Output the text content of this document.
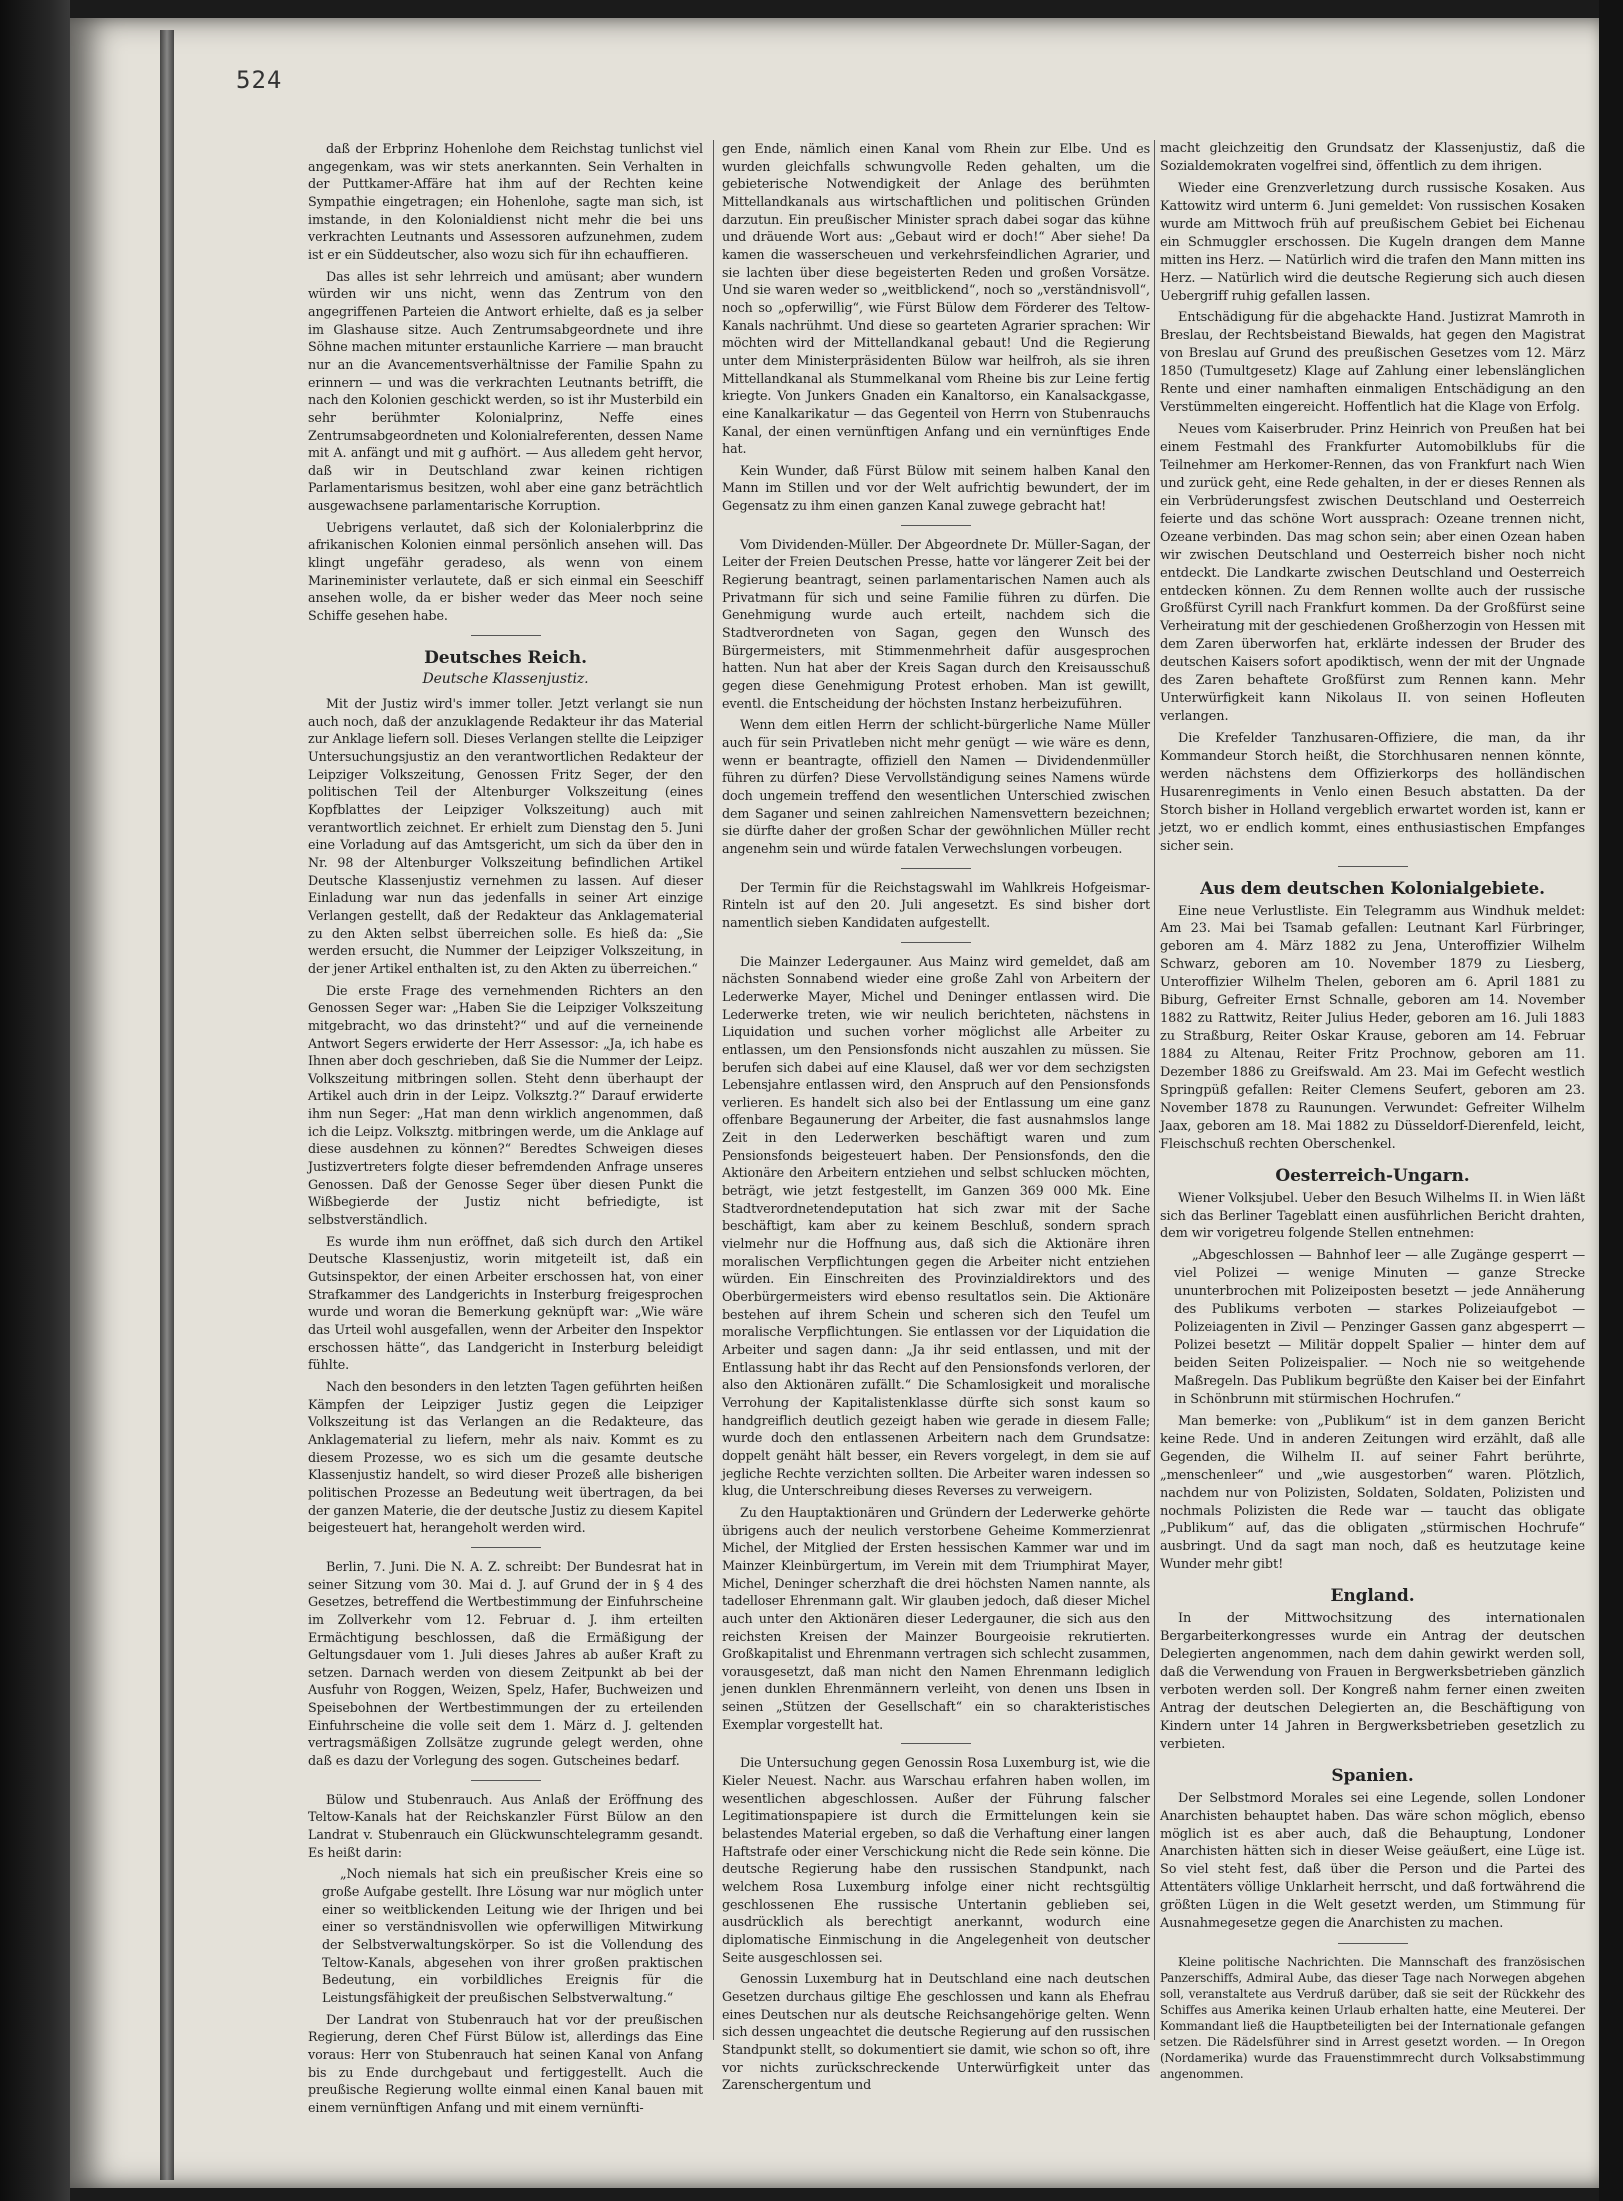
524

daß der Erbprinz Hohenlohe dem Reichstag tunlichst viel angegenkam, was wir stets anerkannten. Sein Verhalten in der Puttkamer-Affäre hat ihm auf der Rechten keine Sympathie eingetragen; ein Hohenlohe, sagte man sich, ist imstande, in den Kolonialdienst nicht mehr die bei uns verkrachten Leutnants und Assessoren aufzunehmen, zudem ist er ein Süddeutscher, also wozu sich für ihn echauffieren.

Das alles ist sehr lehrreich und amüsant; aber wundern würden wir uns nicht, wenn das Zentrum von den angegriffenen Parteien die Antwort erhielte, daß es ja selber im Glashause sitze. Auch Zentrumsabgeordnete und ihre Söhne machen mitunter erstaunliche Karriere — man braucht nur an die Avancementsverhältnisse der Familie Spahn zu erinnern — und was die verkrachten Leutnants betrifft, die nach den Kolonien geschickt werden, so ist ihr Musterbild ein sehr berühmter Kolonialprinz, Neffe eines Zentrumsabgeordneten und Kolonialreferenten, dessen Name mit A. anfängt und mit g aufhört. — Aus alledem geht hervor, daß wir in Deutschland zwar keinen richtigen Parlamentarismus besitzen, wohl aber eine ganz beträchtlich ausgewachsene parlamentarische Korruption.

Uebrigens verlautet, daß sich der Kolonialerbprinz die afrikanischen Kolonien einmal persönlich ansehen will. Das klingt ungefähr geradeso, als wenn von einem Marineminister verlautete, daß er sich einmal ein Seeschiff ansehen wolle, da er bisher weder das Meer noch seine Schiffe gesehen habe.

Deutsches Reich.
Deutsche Klassenjustiz.

Mit der Justiz wird's immer toller. Jetzt verlangt sie nun auch noch, daß der anzuklagende Redakteur ihr das Material zur Anklage liefern soll. Dieses Verlangen stellte die Leipziger Untersuchungsjustiz an den verantwortlichen Redakteur der Leipziger Volkszeitung, Genossen Fritz Seger, der den politischen Teil der Altenburger Volkszeitung (eines Kopfblattes der Leipziger Volkszeitung) auch mit verantwortlich zeichnet. Er erhielt zum Dienstag den 5. Juni eine Vorladung auf das Amtsgericht, um sich da über den in Nr. 98 der Altenburger Volkszeitung befindlichen Artikel Deutsche Klassenjustiz vernehmen zu lassen. Auf dieser Einladung war nun das jedenfalls in seiner Art einzige Verlangen gestellt, daß der Redakteur das Anklagematerial zu den Akten selbst überreichen solle. Es hieß da: „Sie werden ersucht, die Nummer der Leipziger Volkszeitung, in der jener Artikel enthalten ist, zu den Akten zu überreichen.“

Die erste Frage des vernehmenden Richters an den Genossen Seger war: „Haben Sie die Leipziger Volkszeitung mitgebracht, wo das drinsteht?“ und auf die verneinende Antwort Segers erwiderte der Herr Assessor: „Ja, ich habe es Ihnen aber doch geschrieben, daß Sie die Nummer der Leipz. Volkszeitung mitbringen sollen. Steht denn überhaupt der Artikel auch drin in der Leipz. Volksztg.?“ Darauf erwiderte ihm nun Seger: „Hat man denn wirklich angenommen, daß ich die Leipz. Volksztg. mitbringen werde, um die Anklage auf diese ausdehnen zu können?“ Beredtes Schweigen dieses Justizvertreters folgte dieser befremdenden Anfrage unseres Genossen. Daß der Genosse Seger über diesen Punkt die Wißbegierde der Justiz nicht befriedigte, ist selbstverständlich.

Es wurde ihm nun eröffnet, daß sich durch den Artikel Deutsche Klassenjustiz, worin mitgeteilt ist, daß ein Gutsinspektor, der einen Arbeiter erschossen hat, von einer Strafkammer des Landgerichts in Insterburg freigesprochen wurde und woran die Bemerkung geknüpft war: „Wie wäre das Urteil wohl ausgefallen, wenn der Arbeiter den Inspektor erschossen hätte“, das Landgericht in Insterburg beleidigt fühlte.

Nach den besonders in den letzten Tagen geführten heißen Kämpfen der Leipziger Justiz gegen die Leipziger Volkszeitung ist das Verlangen an die Redakteure, das Anklagematerial zu liefern, mehr als naiv. Kommt es zu diesem Prozesse, wo es sich um die gesamte deutsche Klassenjustiz handelt, so wird dieser Prozeß alle bisherigen politischen Prozesse an Bedeutung weit übertragen, da bei der ganzen Materie, die der deutsche Justiz zu diesem Kapitel beigesteuert hat, herangeholt werden wird.

Berlin, 7. Juni. Die N. A. Z. schreibt: Der Bundesrat hat in seiner Sitzung vom 30. Mai d. J. auf Grund der in § 4 des Gesetzes, betreffend die Wertbestimmung der Einfuhrscheine im Zollverkehr vom 12. Februar d. J. ihm erteilten Ermächtigung beschlossen, daß die Ermäßigung der Geltungsdauer vom 1. Juli dieses Jahres ab außer Kraft zu setzen. Darnach werden von diesem Zeitpunkt ab bei der Ausfuhr von Roggen, Weizen, Spelz, Hafer, Buchweizen und Speisebohnen der Wertbestimmungen der zu erteilenden Einfuhrscheine die volle seit dem 1. März d. J. geltenden vertragsmäßigen Zollsätze zugrunde gelegt werden, ohne daß es dazu der Vorlegung des sogen. Gutscheines bedarf.

Bülow und Stubenrauch. Aus Anlaß der Eröffnung des Teltow-Kanals hat der Reichskanzler Fürst Bülow an den Landrat v. Stubenrauch ein Glückwunschtelegramm gesandt. Es heißt darin:

„Noch niemals hat sich ein preußischer Kreis eine so große Aufgabe gestellt. Ihre Lösung war nur möglich unter einer so weitblickenden Leitung wie der Ihrigen und bei einer so verständnisvollen wie opferwilligen Mitwirkung der Selbstverwaltungskörper. So ist die Vollendung des Teltow-Kanals, abgesehen von ihrer großen praktischen Bedeutung, ein vorbildliches Ereignis für die Leistungsfähigkeit der preußischen Selbstverwaltung.“

Der Landrat von Stubenrauch hat vor der preußischen Regierung, deren Chef Fürst Bülow ist, allerdings das Eine voraus: Herr von Stubenrauch hat seinen Kanal von Anfang bis zu Ende durchgebaut und fertiggestellt. Auch die preußische Regierung wollte einmal einen Kanal bauen mit einem vernünftigen Anfang und mit einem vernünfti-

gen Ende, nämlich einen Kanal vom Rhein zur Elbe. Und es wurden gleichfalls schwungvolle Reden gehalten, um die gebieterische Notwendigkeit der Anlage des berühmten Mittellandkanals aus wirtschaftlichen und politischen Gründen darzutun. Ein preußischer Minister sprach dabei sogar das kühne und dräuende Wort aus: „Gebaut wird er doch!“ Aber siehe! Da kamen die wasserscheuen und verkehrsfeindlichen Agrarier, und sie lachten über diese begeisterten Reden und großen Vorsätze. Und sie waren weder so „weitblickend“, noch so „verständnisvoll“, noch so „opferwillig“, wie Fürst Bülow dem Förderer des Teltow-Kanals nachrühmt. Und diese so gearteten Agrarier sprachen: Wir möchten wird der Mittellandkanal gebaut! Und die Regierung unter dem Ministerpräsidenten Bülow war heilfroh, als sie ihren Mittellandkanal als Stummelkanal vom Rheine bis zur Leine fertig kriegte. Von Junkers Gnaden ein Kanaltorso, ein Kanalsackgasse, eine Kanalkarikatur — das Gegenteil von Herrn von Stubenrauchs Kanal, der einen vernünftigen Anfang und ein vernünftiges Ende hat.

Kein Wunder, daß Fürst Bülow mit seinem halben Kanal den Mann im Stillen und vor der Welt aufrichtig bewundert, der im Gegensatz zu ihm einen ganzen Kanal zuwege gebracht hat!

Vom Dividenden-Müller. Der Abgeordnete Dr. Müller-Sagan, der Leiter der Freien Deutschen Presse, hatte vor längerer Zeit bei der Regierung beantragt, seinen parlamentarischen Namen auch als Privatmann für sich und seine Familie führen zu dürfen. Die Genehmigung wurde auch erteilt, nachdem sich die Stadtverordneten von Sagan, gegen den Wunsch des Bürgermeisters, mit Stimmenmehrheit dafür ausgesprochen hatten. Nun hat aber der Kreis Sagan durch den Kreisausschuß gegen diese Genehmigung Protest erhoben. Man ist gewillt, eventl. die Entscheidung der höchsten Instanz herbeizuführen.

Wenn dem eitlen Herrn der schlicht-bürgerliche Name Müller auch für sein Privatleben nicht mehr genügt — wie wäre es denn, wenn er beantragte, offiziell den Namen — Dividendenmüller führen zu dürfen? Diese Vervollständigung seines Namens würde doch ungemein treffend den wesentlichen Unterschied zwischen dem Saganer und seinen zahlreichen Namensvettern bezeichnen; sie dürfte daher der großen Schar der gewöhnlichen Müller recht angenehm sein und würde fatalen Verwechslungen vorbeugen.

Der Termin für die Reichstagswahl im Wahlkreis Hofgeismar-Rinteln ist auf den 20. Juli angesetzt. Es sind bisher dort namentlich sieben Kandidaten aufgestellt.

Die Mainzer Ledergauner. Aus Mainz wird gemeldet, daß am nächsten Sonnabend wieder eine große Zahl von Arbeitern der Lederwerke Mayer, Michel und Deninger entlassen wird. Die Lederwerke treten, wie wir neulich berichteten, nächstens in Liquidation und suchen vorher möglichst alle Arbeiter zu entlassen, um den Pensionsfonds nicht auszahlen zu müssen. Sie berufen sich dabei auf eine Klausel, daß wer vor dem sechzigsten Lebensjahre entlassen wird, den Anspruch auf den Pensionsfonds verlieren. Es handelt sich also bei der Entlassung um eine ganz offenbare Begaunerung der Arbeiter, die fast ausnahmslos lange Zeit in den Lederwerken beschäftigt waren und zum Pensionsfonds beigesteuert haben. Der Pensionsfonds, den die Aktionäre den Arbeitern entziehen und selbst schlucken möchten, beträgt, wie jetzt festgestellt, im Ganzen 369 000 Mk. Eine Stadtverordnetendeputation hat sich zwar mit der Sache beschäftigt, kam aber zu keinem Beschluß, sondern sprach vielmehr nur die Hoffnung aus, daß sich die Aktionäre ihren moralischen Verpflichtungen gegen die Arbeiter nicht entziehen würden. Ein Einschreiten des Provinzialdirektors und des Oberbürgermeisters wird ebenso resultatlos sein. Die Aktionäre bestehen auf ihrem Schein und scheren sich den Teufel um moralische Verpflichtungen. Sie entlassen vor der Liquidation die Arbeiter und sagen dann: „Ja ihr seid entlassen, und mit der Entlassung habt ihr das Recht auf den Pensionsfonds verloren, der also den Aktionären zufällt.“ Die Schamlosigkeit und moralische Verrohung der Kapitalistenklasse dürfte sich sonst kaum so handgreiflich deutlich gezeigt haben wie gerade in diesem Falle; wurde doch den entlassenen Arbeitern nach dem Grundsatze: doppelt genäht hält besser, ein Revers vorgelegt, in dem sie auf jegliche Rechte verzichten sollten. Die Arbeiter waren indessen so klug, die Unterschreibung dieses Reverses zu verweigern.

Zu den Hauptaktionären und Gründern der Lederwerke gehörte übrigens auch der neulich verstorbene Geheime Kommerzienrat Michel, der Mitglied der Ersten hessischen Kammer war und im Mainzer Kleinbürgertum, im Verein mit dem Triumphirat Mayer, Michel, Deninger scherzhaft die drei höchsten Namen nannte, als tadelloser Ehrenmann galt. Wir glauben jedoch, daß dieser Michel auch unter den Aktionären dieser Ledergauner, die sich aus den reichsten Kreisen der Mainzer Bourgeoisie rekrutierten. Großkapitalist und Ehrenmann vertragen sich schlecht zusammen, vorausgesetzt, daß man nicht den Namen Ehrenmann lediglich jenen dunklen Ehrenmännern verleiht, von denen uns Ibsen in seinen „Stützen der Gesellschaft“ ein so charakteristisches Exemplar vorgestellt hat.

Die Untersuchung gegen Genossin Rosa Luxemburg ist, wie die Kieler Neuest. Nachr. aus Warschau erfahren haben wollen, im wesentlichen abgeschlossen. Außer der Führung falscher Legitimationspapiere ist durch die Ermittelungen kein sie belastendes Material ergeben, so daß die Verhaftung einer langen Haftstrafe oder einer Verschickung nicht die Rede sein könne. Die deutsche Regierung habe den russischen Standpunkt, nach welchem Rosa Luxemburg infolge einer nicht rechtsgültig geschlossenen Ehe russische Untertanin geblieben sei, ausdrücklich als berechtigt anerkannt, wodurch eine diplomatische Einmischung in die Angelegenheit von deutscher Seite ausgeschlossen sei.

Genossin Luxemburg hat in Deutschland eine nach deutschen Gesetzen durchaus giltige Ehe geschlossen und kann als Ehefrau eines Deutschen nur als deutsche Reichsangehörige gelten. Wenn sich dessen ungeachtet die deutsche Regierung auf den russischen Standpunkt stellt, so dokumentiert sie damit, wie schon so oft, ihre vor nichts zurückschreckende Unterwürfigkeit unter das Zarenschergentum und

macht gleichzeitig den Grundsatz der Klassenjustiz, daß die Sozialdemokraten vogelfrei sind, öffentlich zu dem ihrigen.

Wieder eine Grenzverletzung durch russische Kosaken. Aus Kattowitz wird unterm 6. Juni gemeldet: Von russischen Kosaken wurde am Mittwoch früh auf preußischem Gebiet bei Eichenau ein Schmuggler erschossen. Die Kugeln drangen dem Manne mitten ins Herz. — Natürlich wird die trafen den Mann mitten ins Herz. — Natürlich wird die deutsche Regierung sich auch diesen Uebergriff ruhig gefallen lassen.

Entschädigung für die abgehackte Hand. Justizrat Mamroth in Breslau, der Rechtsbeistand Biewalds, hat gegen den Magistrat von Breslau auf Grund des preußischen Gesetzes vom 12. März 1850 (Tumultgesetz) Klage auf Zahlung einer lebenslänglichen Rente und einer namhaften einmaligen Entschädigung an den Verstümmelten eingereicht. Hoffentlich hat die Klage von Erfolg.

Neues vom Kaiserbruder. Prinz Heinrich von Preußen hat bei einem Festmahl des Frankfurter Automobilklubs für die Teilnehmer am Herkomer-Rennen, das von Frankfurt nach Wien und zurück geht, eine Rede gehalten, in der er dieses Rennen als ein Verbrüderungsfest zwischen Deutschland und Oesterreich feierte und das schöne Wort aussprach: Ozeane trennen nicht, Ozeane verbinden. Das mag schon sein; aber einen Ozean haben wir zwischen Deutschland und Oesterreich bisher noch nicht entdeckt. Die Landkarte zwischen Deutschland und Oesterreich entdecken können. Zu dem Rennen wollte auch der russische Großfürst Cyrill nach Frankfurt kommen. Da der Großfürst seine Verheiratung mit der geschiedenen Großherzogin von Hessen mit dem Zaren überworfen hat, erklärte indessen der Bruder des deutschen Kaisers sofort apodiktisch, wenn der mit der Ungnade des Zaren behaftete Großfürst zum Rennen kann. Mehr Unterwürfigkeit kann Nikolaus II. von seinen Hofleuten verlangen.

Die Krefelder Tanzhusaren-Offiziere, die man, da ihr Kommandeur Storch heißt, die Storchhusaren nennen könnte, werden nächstens dem Offizierkorps des holländischen Husarenregiments in Venlo einen Besuch abstatten. Da der Storch bisher in Holland vergeblich erwartet worden ist, kann er jetzt, wo er endlich kommt, eines enthusiastischen Empfanges sicher sein.

Aus dem deutschen Kolonialgebiete.

Eine neue Verlustliste. Ein Telegramm aus Windhuk meldet: Am 23. Mai bei Tsamab gefallen: Leutnant Karl Fürbringer, geboren am 4. März 1882 zu Jena, Unteroffizier Wilhelm Schwarz, geboren am 10. November 1879 zu Liesberg, Unteroffizier Wilhelm Thelen, geboren am 6. April 1881 zu Biburg, Gefreiter Ernst Schnalle, geboren am 14. November 1882 zu Rattwitz, Reiter Julius Heder, geboren am 16. Juli 1883 zu Straßburg, Reiter Oskar Krause, geboren am 14. Februar 1884 zu Altenau, Reiter Fritz Prochnow, geboren am 11. Dezember 1886 zu Greifswald. Am 23. Mai im Gefecht westlich Springpüß gefallen: Reiter Clemens Seufert, geboren am 23. November 1878 zu Raunungen. Verwundet: Gefreiter Wilhelm Jaax, geboren am 18. Mai 1882 zu Düsseldorf-Dierenfeld, leicht, Fleischschuß rechten Oberschenkel.

Oesterreich-Ungarn.

Wiener Volksjubel. Ueber den Besuch Wilhelms II. in Wien läßt sich das Berliner Tageblatt einen ausführlichen Bericht drahten, dem wir vorigetreu folgende Stellen entnehmen:

„Abgeschlossen — Bahnhof leer — alle Zugänge gesperrt — viel Polizei — wenige Minuten — ganze Strecke ununterbrochen mit Polizeiposten besetzt — jede Annäherung des Publikums verboten — starkes Polizeiaufgebot — Polizeiagenten in Zivil — Penzinger Gassen ganz abgesperrt — Polizei besetzt — Militär doppelt Spalier — hinter dem auf beiden Seiten Polizeispalier. — Noch nie so weitgehende Maßregeln. Das Publikum begrüßte den Kaiser bei der Einfahrt in Schönbrunn mit stürmischen Hochrufen.“

Man bemerke: von „Publikum“ ist in dem ganzen Bericht keine Rede. Und in anderen Zeitungen wird erzählt, daß alle Gegenden, die Wilhelm II. auf seiner Fahrt berührte, „menschenleer“ und „wie ausgestorben“ waren. Plötzlich, nachdem nur von Polizisten, Soldaten, Soldaten, Polizisten und nochmals Polizisten die Rede war — taucht das obligate „Publikum“ auf, das die obligaten „stürmischen Hochrufe“ ausbringt. Und da sagt man noch, daß es heutzutage keine Wunder mehr gibt!

England.

In der Mittwochsitzung des internationalen Bergarbeiterkongresses wurde ein Antrag der deutschen Delegierten angenommen, nach dem dahin gewirkt werden soll, daß die Verwendung von Frauen in Bergwerksbetrieben gänzlich verboten werden soll. Der Kongreß nahm ferner einen zweiten Antrag der deutschen Delegierten an, die Beschäftigung von Kindern unter 14 Jahren in Bergwerksbetrieben gesetzlich zu verbieten.

Spanien.

Der Selbstmord Morales sei eine Legende, sollen Londoner Anarchisten behauptet haben. Das wäre schon möglich, ebenso möglich ist es aber auch, daß die Behauptung, Londoner Anarchisten hätten sich in dieser Weise geäußert, eine Lüge ist. So viel steht fest, daß über die Person und die Partei des Attentäters völlige Unklarheit herrscht, und daß fortwährend die größten Lügen in die Welt gesetzt werden, um Stimmung für Ausnahmegesetze gegen die Anarchisten zu machen.

Kleine politische Nachrichten. Die Mannschaft des französischen Panzerschiffs, Admiral Aube, das dieser Tage nach Norwegen abgehen soll, veranstaltete aus Verdruß darüber, daß sie seit der Rückkehr des Schiffes aus Amerika keinen Urlaub erhalten hatte, eine Meuterei. Der Kommandant ließ die Hauptbeteiligten bei der Internationale gefangen setzen. Die Rädelsführer sind in Arrest gesetzt worden. — In Oregon (Nordamerika) wurde das Frauenstimmrecht durch Volksabstimmung angenommen.
